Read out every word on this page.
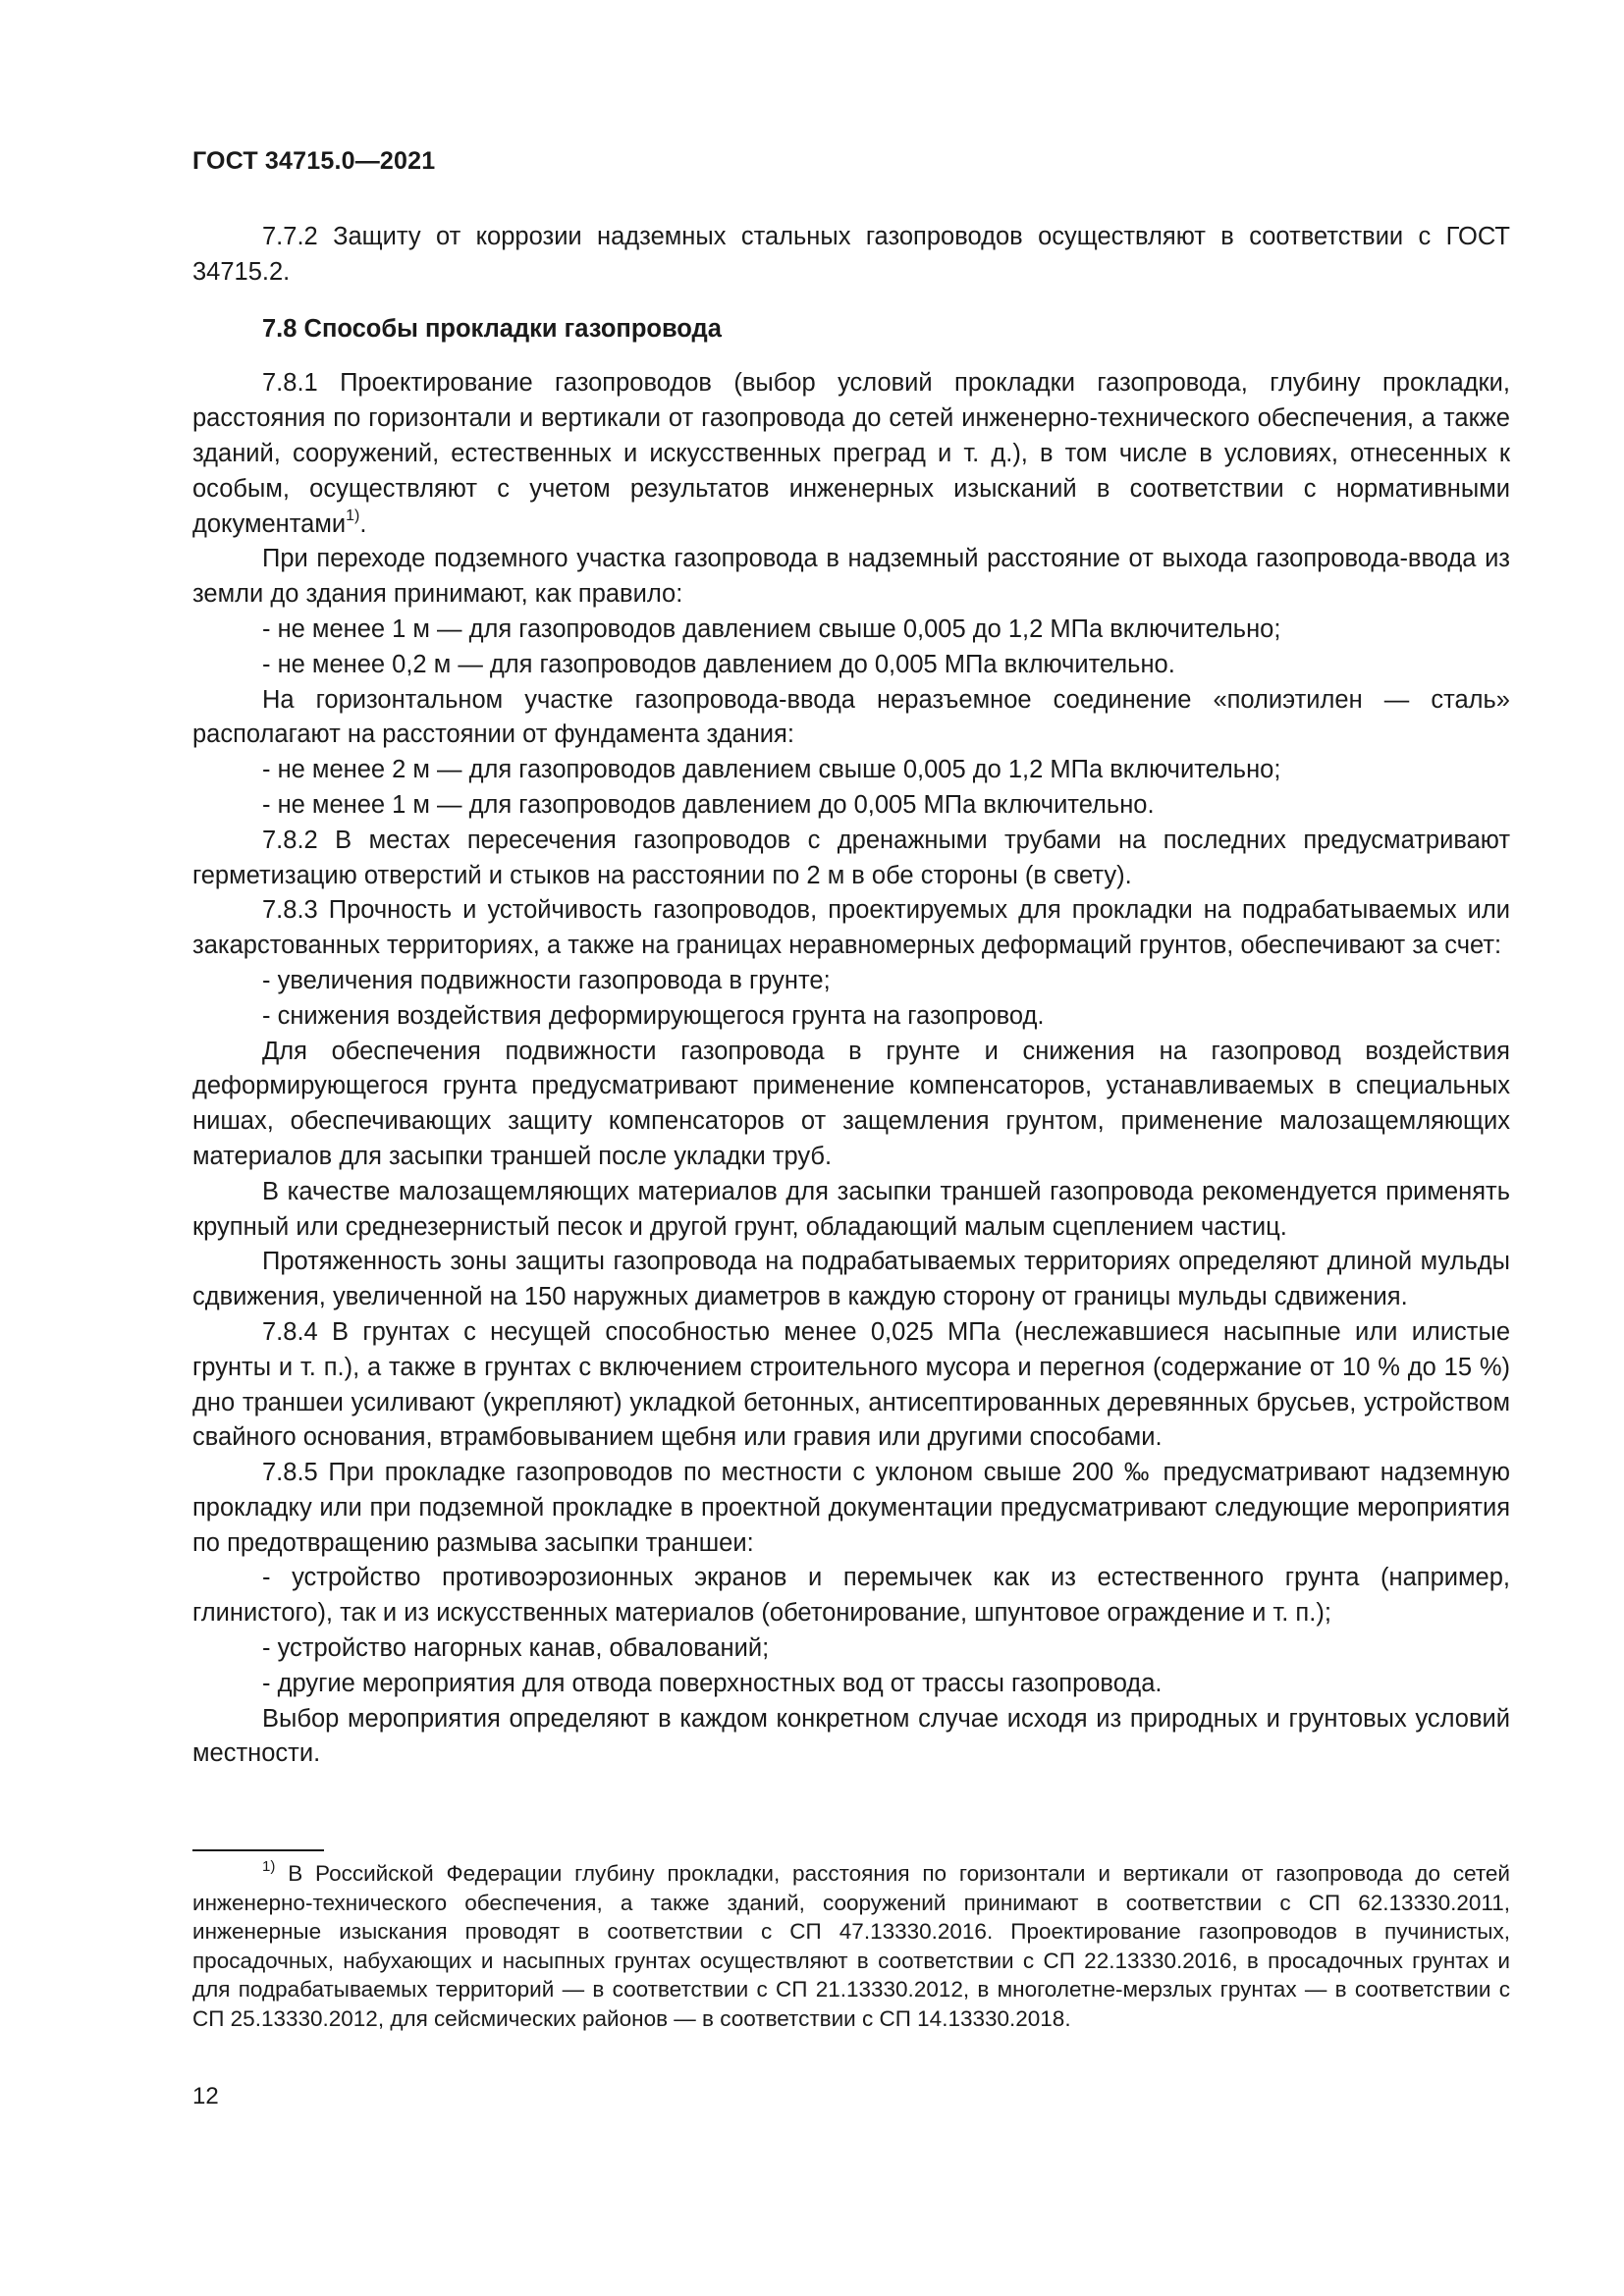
ГОСТ 34715.0—2021

7.7.2 Защиту от коррозии надземных стальных газопроводов осуществляют в соответствии с ГОСТ 34715.2.

7.8 Способы прокладки газопровода

7.8.1 Проектирование газопроводов (выбор условий прокладки газопровода, глубину прокладки, расстояния по горизонтали и вертикали от газопровода до сетей инженерно-технического обеспечения, а также зданий, сооружений, естественных и искусственных преград и т. д.), в том числе в условиях, отнесенных к особым, осуществляют с учетом результатов инженерных изысканий в соответствии с нормативными документами$^{1)}$.

При переходе подземного участка газопровода в надземный расстояние от выхода газопровода-ввода из земли до здания принимают, как правило:

- не менее 1 м — для газопроводов давлением свыше 0,005 до 1,2 МПа включительно;

- не менее 0,2 м — для газопроводов давлением до 0,005 МПа включительно.

На горизонтальном участке газопровода-ввода неразъемное соединение «полиэтилен — сталь» располагают на расстоянии от фундамента здания:

- не менее 2 м — для газопроводов давлением свыше 0,005 до 1,2 МПа включительно;

- не менее 1 м — для газопроводов давлением до 0,005 МПа включительно.

7.8.2 В местах пересечения газопроводов с дренажными трубами на последних предусматривают герметизацию отверстий и стыков на расстоянии по 2 м в обе стороны (в свету).

7.8.3 Прочность и устойчивость газопроводов, проектируемых для прокладки на подрабатываемых или закарстованных территориях, а также на границах неравномерных деформаций грунтов, обеспечивают за счет:

- увеличения подвижности газопровода в грунте;

- снижения воздействия деформирующегося грунта на газопровод.

Для обеспечения подвижности газопровода в грунте и снижения на газопровод воздействия деформирующегося грунта предусматривают применение компенсаторов, устанавливаемых в специальных нишах, обеспечивающих защиту компенсаторов от защемления грунтом, применение малозащемляющих материалов для засыпки траншей после укладки труб.

В качестве малозащемляющих материалов для засыпки траншей газопровода рекомендуется применять крупный или среднезернистый песок и другой грунт, обладающий малым сцеплением частиц.

Протяженность зоны защиты газопровода на подрабатываемых территориях определяют длиной мульды сдвижения, увеличенной на 150 наружных диаметров в каждую сторону от границы мульды сдвижения.

7.8.4 В грунтах с несущей способностью менее 0,025 МПа (неслежавшиеся насыпные или илистые грунты и т. п.), а также в грунтах с включением строительного мусора и перегноя (содержание от 10 % до 15 %) дно траншеи усиливают (укрепляют) укладкой бетонных, антисептированных деревянных брусьев, устройством свайного основания, втрамбовыванием щебня или гравия или другими способами.

7.8.5 При прокладке газопроводов по местности с уклоном свыше 200 ‰ предусматривают надземную прокладку или при подземной прокладке в проектной документации предусматривают следующие мероприятия по предотвращению размыва засыпки траншеи:

- устройство противоэрозионных экранов и перемычек как из естественного грунта (например, глинистого), так и из искусственных материалов (обетонирование, шпунтовое ограждение и т. п.);

- устройство нагорных канав, обвалований;

- другие мероприятия для отвода поверхностных вод от трассы газопровода.

Выбор мероприятия определяют в каждом конкретном случае исходя из природных и грунтовых условий местности.

$^{1)}$ В Российской Федерации глубину прокладки, расстояния по горизонтали и вертикали от газопровода до сетей инженерно-технического обеспечения, а также зданий, сооружений принимают в соответствии с СП 62.13330.2011, инженерные изыскания проводят в соответствии с СП 47.13330.2016. Проектирование газопроводов в пучинистых, просадочных, набухающих и насыпных грунтах осуществляют в соответствии с СП 22.13330.2016, в просадочных грунтах и для подрабатываемых территорий — в соответствии с СП 21.13330.2012, в многолетне-мерзлых грунтах — в соответствии с СП 25.13330.2012, для сейсмических районов — в соответствии с СП 14.13330.2018.

12
